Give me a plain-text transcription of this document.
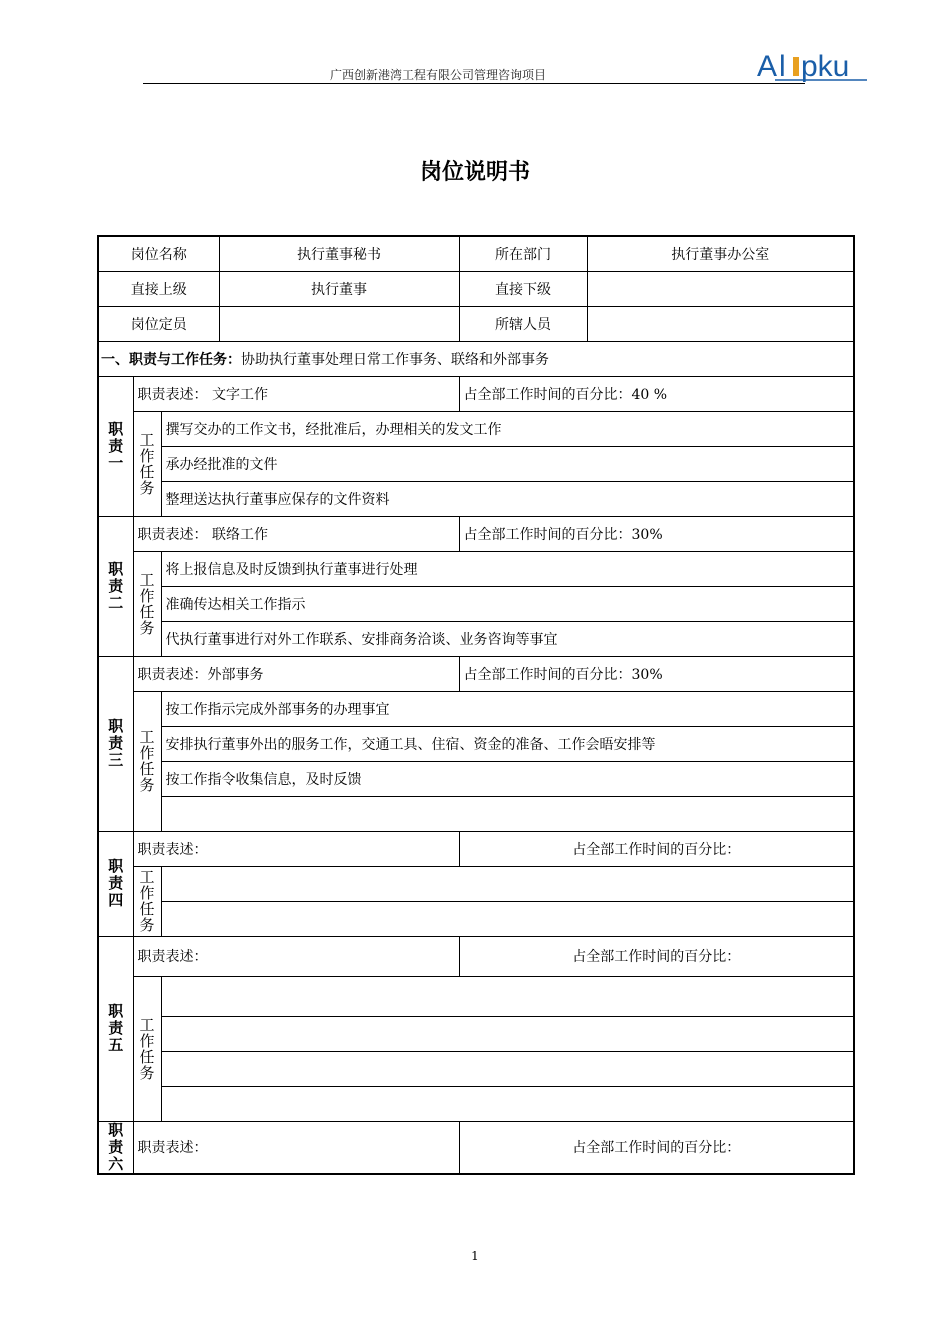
广西创新港湾工程有限公司管理咨询项目	A l pku
岗位说明书
岗位名称			执行董事秘书	所在部门	执行董事办公室
直接上级			执行董事	直接下级	
岗位定员				所辖人员	
一、职责与工作任务：协助执行董事处理日常工作事务、联络和外部事务					

职
责
一	职责表述： 文字工作			占全部工作时间的百分比：40 %	

	工
作
任
务	撰写交办的工作文书，经批准后，办理相关的发文工作			
		承办经批准的文件			
		整理送达执行董事应保存的文件资料			

职
责
二	职责表述： 联络工作			占全部工作时间的百分比：30%	

	工
作
任
务	将上报信息及时反馈到执行董事进行处理			
		准确传达相关工作指示			
		代执行董事进行对外工作联系、安排商务洽谈、业务咨询等事宜			

职
责
三	职责表述：外部事务			占全部工作时间的百分比：30%	

	工
作
任
务	按工作指示完成外部事务的办理事宜			
		安排执行董事外出的服务工作，交通工具、住宿、资金的准备、工作会晤安排等			
		按工作指令收集信息，及时反馈			

职
责
四	职责表述：			占全部工作时间的百分比：	

	工
作
任
务				

职
责
五	职责表述：			占全部工作时间的百分比：	

	工
作
任
务				

职
责
六	职责表述：			占全部工作时间的百分比：	
1
